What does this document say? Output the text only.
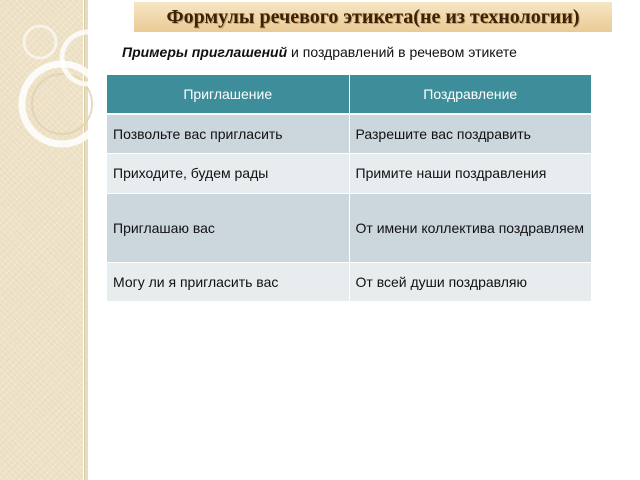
Формулы речевого этикета(не из технологии)
Примеры приглашений и поздравлений в речевом этикете
Приглашение	Поздравление
Позвольте вас пригласить	Разрешите вас поздравить
Приходите, будем рады	Примите наши поздравления
Приглашаю вас	От имени коллектива поздравляем
Могу ли я пригласить вас	От всей души поздравляю
